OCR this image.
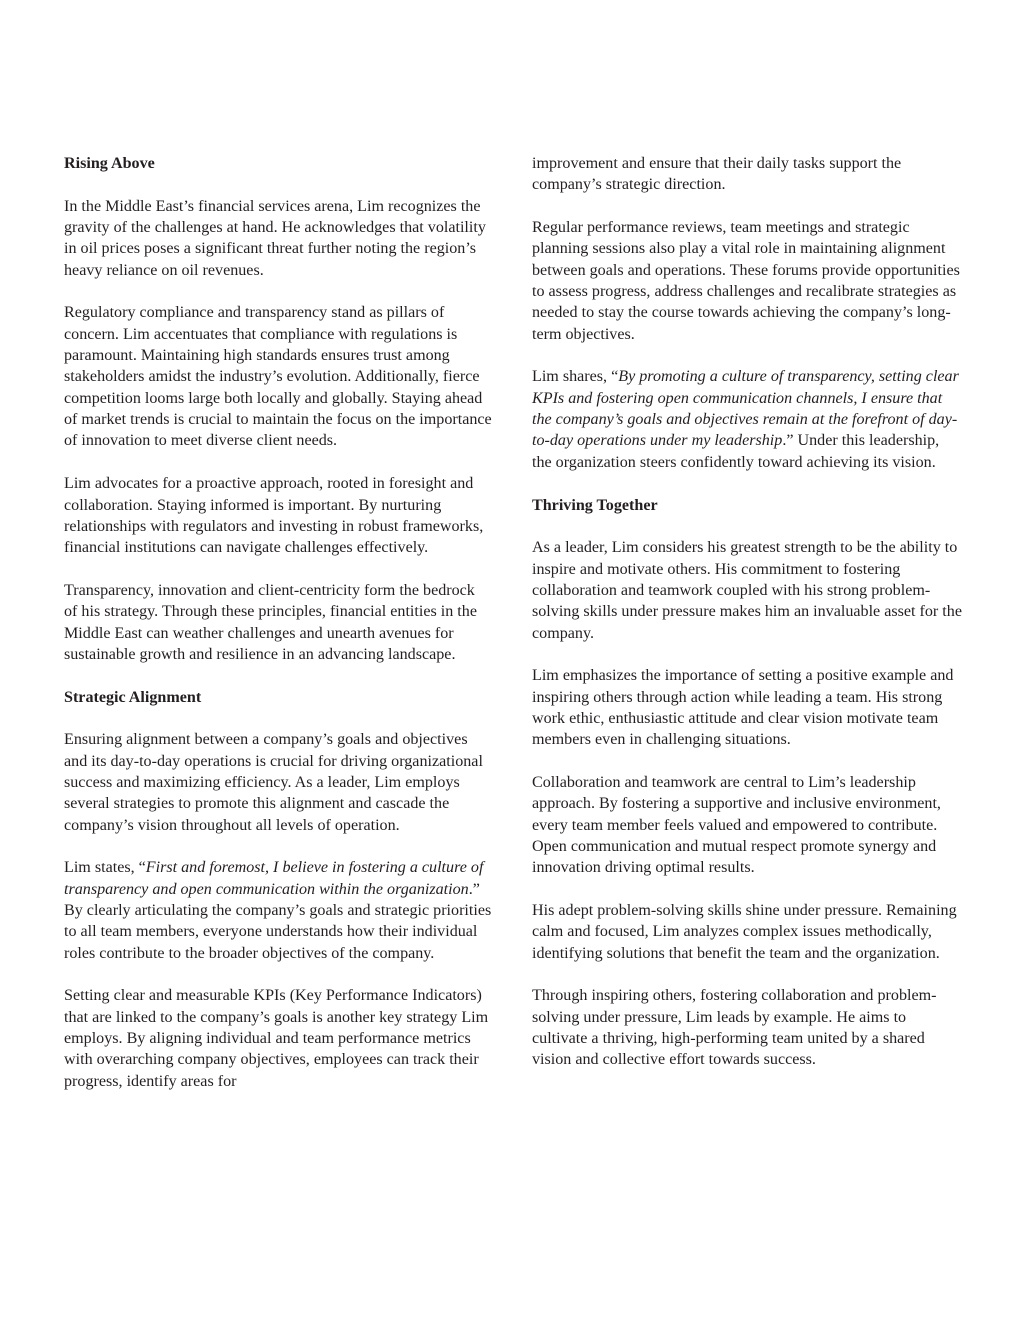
Rising Above

In the Middle East’s financial services arena, Lim recognizes the gravity of the challenges at hand. He acknowledges that volatility in oil prices poses a significant threat further noting the region’s heavy reliance on oil revenues.

Regulatory compliance and transparency stand as pillars of concern. Lim accentuates that compliance with regulations is paramount. Maintaining high standards ensures trust among stakeholders amidst the industry’s evolution. Additionally, fierce competition looms large both locally and globally. Staying ahead of market trends is crucial to maintain the focus on the importance of innovation to meet diverse client needs.

Lim advocates for a proactive approach, rooted in foresight and collaboration. Staying informed is important. By nurturing relationships with regulators and investing in robust frameworks, financial institutions can navigate challenges effectively.

Transparency, innovation and client-centricity form the bedrock of his strategy. Through these principles, financial entities in the Middle East can weather challenges and unearth avenues for sustainable growth and resilience in an advancing landscape.

Strategic Alignment

Ensuring alignment between a company’s goals and objectives and its day-to-day operations is crucial for driving organizational success and maximizing efficiency. As a leader, Lim employs several strategies to promote this alignment and cascade the company’s vision throughout all levels of operation.

Lim states, “First and foremost, I believe in fostering a culture of transparency and open communication within the organization.” By clearly articulating the company’s goals and strategic priorities to all team members, everyone understands how their individual roles contribute to the broader objectives of the company.

Setting clear and measurable KPIs (Key Performance Indicators) that are linked to the company’s goals is another key strategy Lim employs. By aligning individual and team performance metrics with overarching company objectives, employees can track their progress, identify areas for

improvement and ensure that their daily tasks support the company’s strategic direction.

Regular performance reviews, team meetings and strategic planning sessions also play a vital role in maintaining alignment between goals and operations. These forums provide opportunities to assess progress, address challenges and recalibrate strategies as needed to stay the course towards achieving the company’s long-term objectives.

Lim shares, “By promoting a culture of transparency, setting clear KPIs and fostering open communication channels, I ensure that the company’s goals and objectives remain at the forefront of day-to-day operations under my leadership.” Under this leadership, the organization steers confidently toward achieving its vision.

Thriving Together

As a leader, Lim considers his greatest strength to be the ability to inspire and motivate others. His commitment to fostering collaboration and teamwork coupled with his strong problem-solving skills under pressure makes him an invaluable asset for the company.

Lim emphasizes the importance of setting a positive example and inspiring others through action while leading a team. His strong work ethic, enthusiastic attitude and clear vision motivate team members even in challenging situations.

Collaboration and teamwork are central to Lim’s leadership approach. By fostering a supportive and inclusive environment, every team member feels valued and empowered to contribute. Open communication and mutual respect promote synergy and innovation driving optimal results.

His adept problem-solving skills shine under pressure. Remaining calm and focused, Lim analyzes complex issues methodically, identifying solutions that benefit the team and the organization.

Through inspiring others, fostering collaboration and problem-solving under pressure, Lim leads by example. He aims to cultivate a thriving, high-performing team united by a shared vision and collective effort towards success.
